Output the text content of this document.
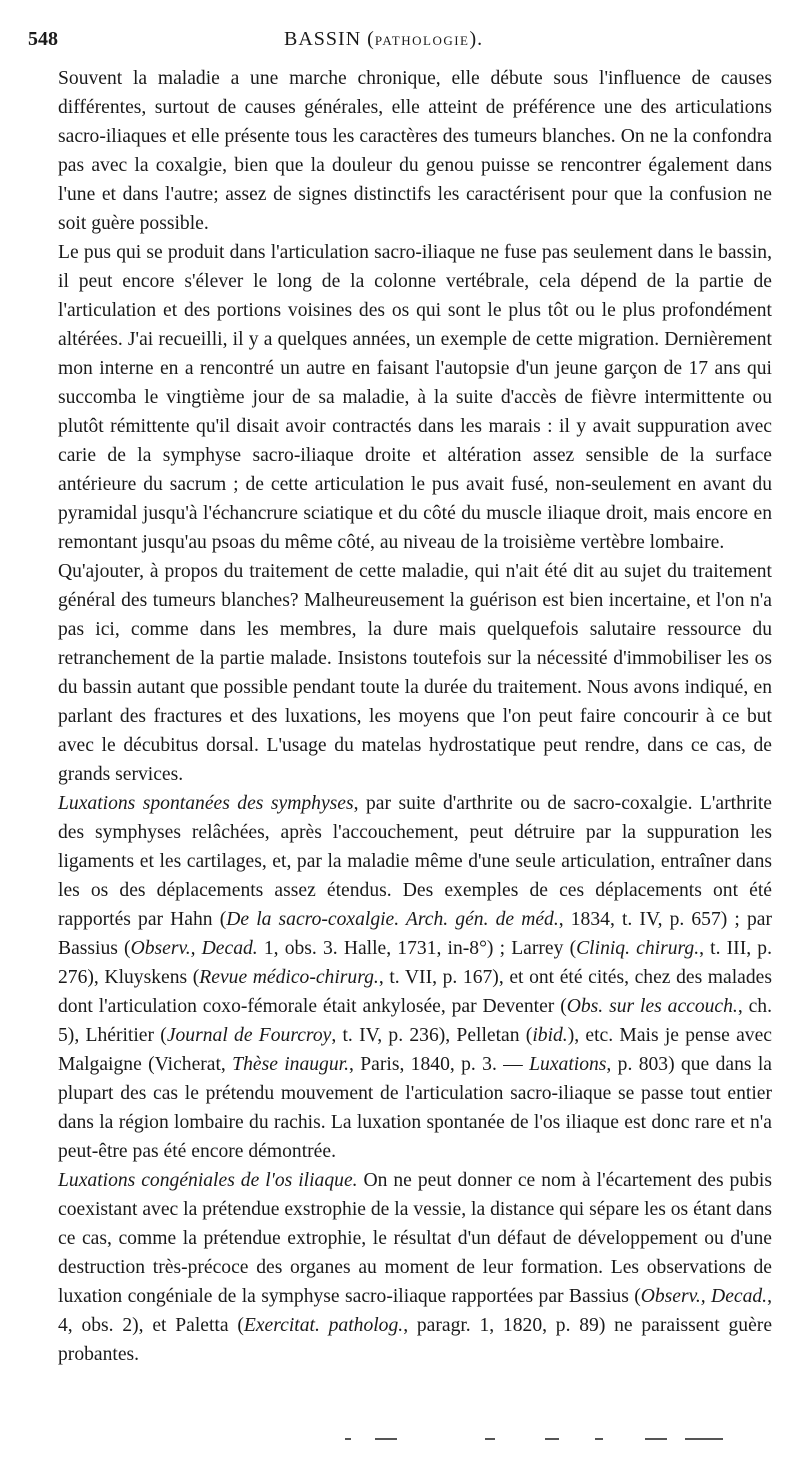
548	BASSIN (PATHOLOGIE).

Souvent la maladie a une marche chronique, elle débute sous l'influence de causes différentes, surtout de causes générales, elle atteint de préférence une des articulations sacro-iliaques et elle présente tous les caractères des tumeurs blanches. On ne la confondra pas avec la coxalgie, bien que la douleur du genou puisse se rencontrer également dans l'une et dans l'autre; assez de signes distinctifs les caractérisent pour que la confusion ne soit guère possible.

Le pus qui se produit dans l'articulation sacro-iliaque ne fuse pas seulement dans le bassin, il peut encore s'élever le long de la colonne vertébrale, cela dépend de la partie de l'articulation et des portions voisines des os qui sont le plus tôt ou le plus profondément altérées. J'ai recueilli, il y a quelques années, un exemple de cette migration. Dernièrement mon interne en a rencontré un autre en faisant l'autopsie d'un jeune garçon de 17 ans qui succomba le vingtième jour de sa maladie, à la suite d'accès de fièvre intermittente ou plutôt rémittente qu'il disait avoir contractés dans les marais : il y avait suppuration avec carie de la symphyse sacro-iliaque droite et altération assez sensible de la surface antérieure du sacrum ; de cette articulation le pus avait fusé, non-seulement en avant du pyramidal jusqu'à l'échancrure sciatique et du côté du muscle iliaque droit, mais encore en remontant jusqu'au psoas du même côté, au niveau de la troisième vertèbre lombaire.

Qu'ajouter, à propos du traitement de cette maladie, qui n'ait été dit au sujet du traitement général des tumeurs blanches? Malheureusement la guérison est bien incertaine, et l'on n'a pas ici, comme dans les membres, la dure mais quelquefois salutaire ressource du retranchement de la partie malade. Insistons toutefois sur la nécessité d'immobiliser les os du bassin autant que possible pendant toute la durée du traitement. Nous avons indiqué, en parlant des fractures et des luxations, les moyens que l'on peut faire concourir à ce but avec le décubitus dorsal. L'usage du matelas hydrostatique peut rendre, dans ce cas, de grands services.

Luxations spontanées des symphyses, par suite d'arthrite ou de sacro-coxalgie. L'arthrite des symphyses relâchées, après l'accouchement, peut détruire par la suppuration les ligaments et les cartilages, et, par la maladie même d'une seule articulation, entraîner dans les os des déplacements assez étendus. Des exemples de ces déplacements ont été rapportés par Hahn (De la sacro-coxalgie. Arch. gén. de méd., 1834, t. IV, p. 657) ; par Bassius (Observ., Decad. 1, obs. 3. Halle, 1731, in-8°) ; Larrey (Cliniq. chirurg., t. III, p. 276), Kluyskens (Revue médico-chirurg., t. VII, p. 167), et ont été cités, chez des malades dont l'articulation coxo-fémorale était ankylosée, par Deventer (Obs. sur les accouch., ch. 5), Lhéritier (Journal de Fourcroy, t. IV, p. 236), Pelletan (ibid.), etc. Mais je pense avec Malgaigne (Vicherat, Thèse inaugur., Paris, 1840, p. 3. — Luxations, p. 803) que dans la plupart des cas le prétendu mouvement de l'articulation sacro-iliaque se passe tout entier dans la région lombaire du rachis. La luxation spontanée de l'os iliaque est donc rare et n'a peut-être pas été encore démontrée.

Luxations congéniales de l'os iliaque. On ne peut donner ce nom à l'écartement des pubis coexistant avec la prétendue exstrophie de la vessie, la distance qui sépare les os étant dans ce cas, comme la prétendue extrophie, le résultat d'un défaut de développement ou d'une destruction très-précoce des organes au moment de leur formation. Les observations de luxation congéniale de la symphyse sacro-iliaque rapportées par Bassius (Observ., Decad., 4, obs. 2), et Paletta (Exercitat. patholog., paragr. 1, 1820, p. 89) ne paraissent guère probantes.
